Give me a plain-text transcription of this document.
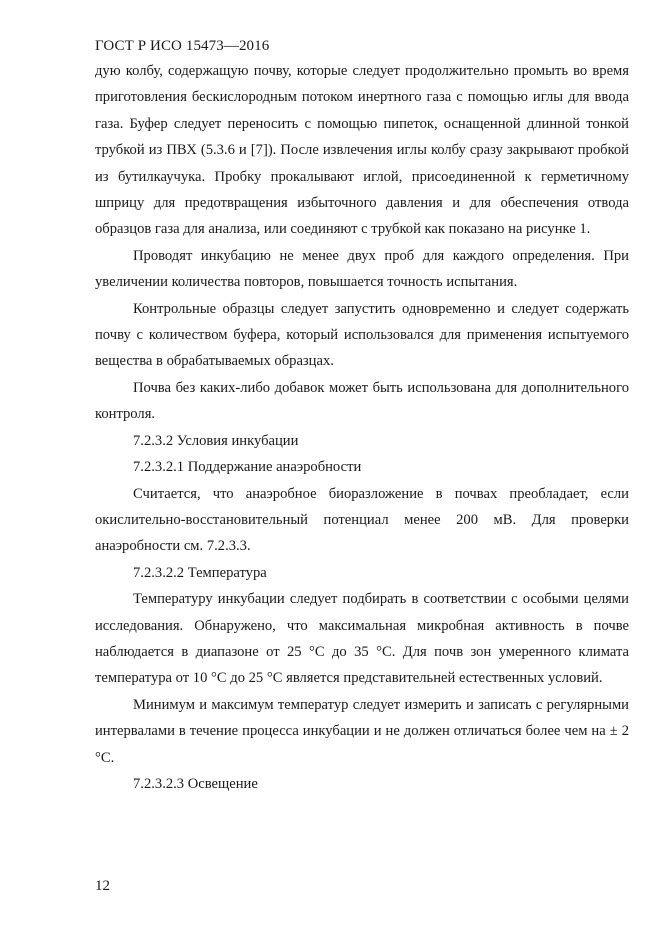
ГОСТ Р ИСО 15473—2016

дую колбу, содержащую почву, которые следует продолжительно промыть во время приготовления бескислородным потоком инертного газа с помощью иглы для ввода газа. Буфер следует переносить с помощью пипеток, оснащенной длинной тонкой трубкой из ПВХ (5.3.6 и [7]). После извлечения иглы колбу сразу закрывают пробкой из бутилкаучука. Пробку прокалывают иглой, присоединенной к герметичному шприцу для предотвращения избыточного давления и для обеспечения отвода образцов газа для анализа, или соединяют с трубкой как показано на рисунке 1.

Проводят инкубацию не менее двух проб для каждого определения. При увеличении количества повторов, повышается точность испытания.

Контрольные образцы следует запустить одновременно и следует содержать почву с количеством буфера, который использовался для применения испытуемого вещества в обрабатываемых образцах.

Почва без каких-либо добавок может быть использована для дополнительного контроля.

7.2.3.2 Условия инкубации

7.2.3.2.1 Поддержание анаэробности

Считается, что анаэробное биоразложение в почвах преобладает, если окислительно-восстановительный потенциал менее 200 мВ. Для проверки анаэробности см. 7.2.3.3.

7.2.3.2.2 Температура

Температуру инкубации следует подбирать в соответствии с особыми целями исследования. Обнаружено, что максимальная микробная активность в почве наблюдается в диапазоне от 25 °С до 35 °С. Для почв зон умеренного климата температура от 10 °С до 25 °С является представительней естественных условий.

Минимум и максимум температур следует измерить и записать с регулярными интервалами в течение процесса инкубации и не должен отличаться более чем на ± 2 °С.

7.2.3.2.3 Освещение

12
